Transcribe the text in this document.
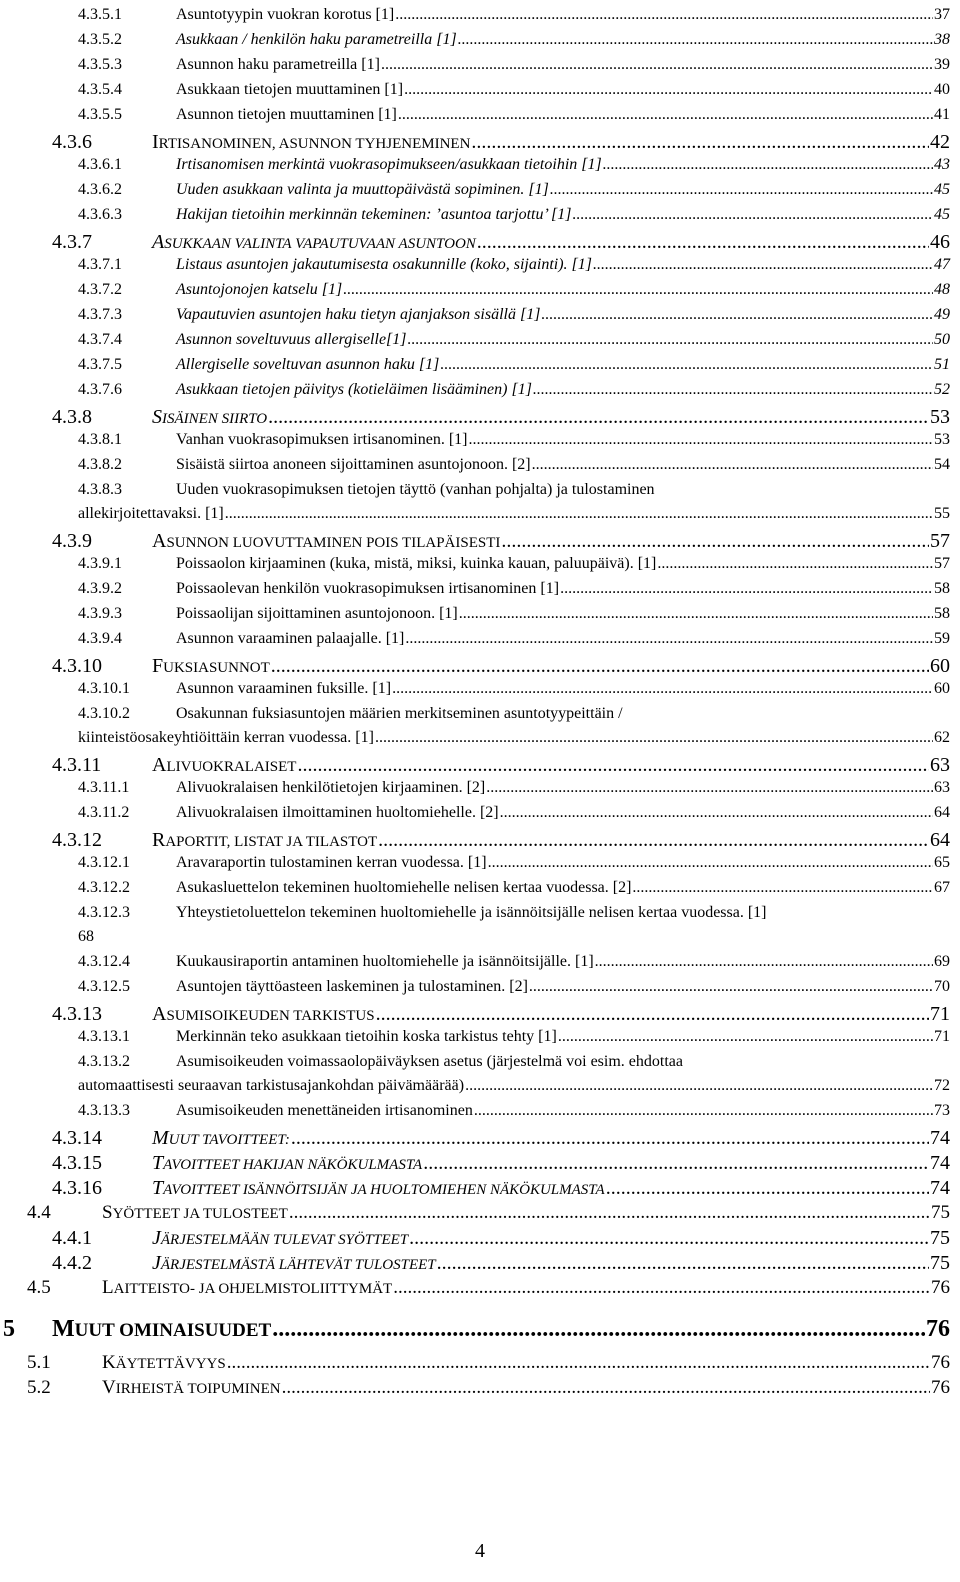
4.3.5.1	Asuntotyypin vuokran korotus [1] .....	37
4.3.5.2	Asukkaan / henkilön haku parametreilla [1] .....	38
4.3.5.3	Asunnon haku parametreilla [1] .....	39
4.3.5.4	Asukkaan tietojen muuttaminen [1] .....	40
4.3.5.5	Asunnon tietojen muuttaminen [1] .....	41
4.3.6	IRTISANOMINEN, ASUNNON TYHJENEMINEN .....	42
4.3.6.1	Irtisanomisen merkintä vuokrasopimukseen/asukkaan tietoihin [1] .....	43
4.3.6.2	Uuden asukkaan valinta ja muuttopäivästä sopiminen. [1] .....	45
4.3.6.3	Hakijan tietoihin merkinnän tekeminen: ’asuntoa tarjottu’ [1] .....	45
4.3.7	ASUKKAAN VALINTA VAPAUTUVAAN ASUNTOON .....	46
4.3.7.1	Listaus asuntojen jakautumisesta osakunnille (koko, sijainti). [1] .....	47
4.3.7.2	Asuntojonojen katselu [1] .....	48
4.3.7.3	Vapautuvien asuntojen haku tietyn ajanjakson sisällä [1] .....	49
4.3.7.4	Asunnon soveltuvuus allergiselle[1] .....	50
4.3.7.5	Allergiselle soveltuvan asunnon haku [1] .....	51
4.3.7.6	Asukkaan tietojen päivitys (kotieläimen lisääminen) [1] .....	52
4.3.8	SISÄINEN SIIRTO .....	53
4.3.8.1	Vanhan vuokrasopimuksen irtisanominen. [1] .....	53
4.3.8.2	Sisäistä siirtoa anoneen sijoittaminen asuntojonoon. [2] .....	54
4.3.8.3	Uuden vuokrasopimuksen tietojen täyttö (vanhan pohjalta) ja tulostaminen
allekirjoitettavaksi. [1] .....	55
4.3.9	ASUNNON LUOVUTTAMINEN POIS TILAPÄISESTI .....	57
4.3.9.1	Poissaolon kirjaaminen (kuka, mistä, miksi, kuinka kauan, paluupäivä). [1] .....	57
4.3.9.2	Poissaolevan henkilön vuokrasopimuksen irtisanominen [1] .....	58
4.3.9.3	Poissaolijan sijoittaminen asuntojonoon. [1] .....	58
4.3.9.4	Asunnon varaaminen palaajalle. [1] .....	59
4.3.10	FUKSIASUNNOT .....	60
4.3.10.1	Asunnon varaaminen fuksille. [1] .....	60
4.3.10.2	Osakunnan fuksiasuntojen määrien merkitseminen asuntotyypeittäin /
kiinteistöosakeyhtiöittäin kerran vuodessa. [1] .....	62
4.3.11	ALIVUOKRALAISET .....	63
4.3.11.1	Alivuokralaisen henkilötietojen kirjaaminen. [2] .....	63
4.3.11.2	Alivuokralaisen ilmoittaminen huoltomiehelle. [2] .....	64
4.3.12	RAPORTIT, LISTAT JA TILASTOT .....	64
4.3.12.1	Aravaraportin tulostaminen kerran vuodessa. [1] .....	65
4.3.12.2	Asukasluettelon tekeminen huoltomiehelle nelisen kertaa vuodessa. [2] .....	67
4.3.12.3	Yhteystietoluettelon tekeminen huoltomiehelle ja isännöitsijälle nelisen kertaa vuodessa. [1]
68
4.3.12.4	Kuukausiraportin antaminen huoltomiehelle ja isännöitsijälle. [1] .....	69
4.3.12.5	Asuntojen täyttöasteen laskeminen ja tulostaminen. [2] .....	70
4.3.13	ASUMISOIKEUDEN TARKISTUS .....	71
4.3.13.1	Merkinnän teko asukkaan tietoihin koska tarkistus tehty [1] .....	71
4.3.13.2	Asumisoikeuden voimassaolopäiväyksen asetus (järjestelmä voi esim. ehdottaa
automaattisesti seuraavan tarkistusajankohdan päivämäärää) .....	72
4.3.13.3	Asumisoikeuden menettäneiden irtisanominen .....	73
4.3.14	MUUT TAVOITTEET: .....	74
4.3.15	TAVOITTEET HAKIJAN NÄKÖKULMASTA .....	74
4.3.16	TAVOITTEET ISÄNNÖITSIJÄN JA HUOLTOMIEHEN NÄKÖKULMASTA .....	74
4.4	SYÖTTEET JA TULOSTEET .....	75
4.4.1	JÄRJESTELMÄÄN TULEVAT SYÖTTEET .....	75
4.4.2	JÄRJESTELMÄSTÄ LÄHTEVÄT TULOSTEET .....	75
4.5	LAITTEISTO- JA OHJELMISTOLIITTYMÄT .....	76
5	MUUT OMINAISUUDET .....	76
5.1	KÄYTETTÄVYYS .....	76
5.2	VIRHEISTÄ TOIPUMINEN .....	76
4
